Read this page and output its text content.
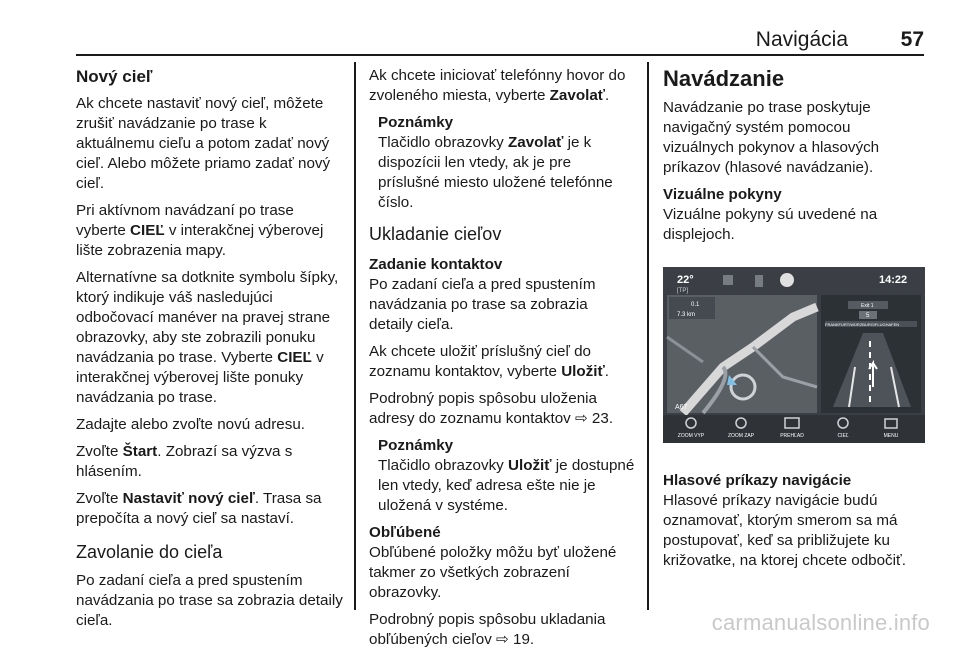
Navigácia	57
Nový cieľ

Ak chcete nastaviť nový cieľ, môžete zrušiť navádzanie po trase k aktuálnemu cieľu a potom zadať nový cieľ. Alebo môžete priamo zadať nový cieľ.

Pri aktívnom navádzaní po trase vyberte CIEĽ v interakčnej výberovej lište zobrazenia mapy.

Alternatívne sa dotknite symbolu šípky, ktorý indikuje váš nasledujúci odbočovací manéver na pravej strane obrazovky, aby ste zobrazili ponuku navádzania po trase. Vyberte CIEĽ v interakčnej výberovej lište ponuky navádzania po trase.

Zadajte alebo zvoľte novú adresu.

Zvoľte Štart. Zobrazí sa výzva s hlásením.

Zvoľte Nastaviť nový cieľ. Trasa sa prepočíta a nový cieľ sa nastaví.

Zavolanie do cieľa

Po zadaní cieľa a pred spustením navádzania po trase sa zobrazia detaily cieľa.

Ak chcete iniciovať telefónny hovor do zvoleného miesta, vyberte Zavolať.

Poznámky

Tlačidlo obrazovky Zavolať je k dispozícii len vtedy, ak je pre príslušné miesto uložené telefónne číslo.

Ukladanie cieľov
Zadanie kontaktov

Po zadaní cieľa a pred spustením navádzania po trase sa zobrazia detaily cieľa.

Ak chcete uložiť príslušný cieľ do zoznamu kontaktov, vyberte Uložiť.

Podrobný popis spôsobu uloženia adresy do zoznamu kontaktov ⇨ 23.

Poznámky

Tlačidlo obrazovky Uložiť je dostupné len vtedy, keď adresa ešte nie je uložená v systéme.

Obľúbené

Obľúbené položky môžu byť uložené takmer zo všetkých zobrazení obrazovky.

Podrobný popis spôsobu ukladania obľúbených cieľov ⇨ 19.

Navádzanie

Navádzanie po trase poskytuje navigačný systém pomocou vizuálnych pokynov a hlasových príkazov (hlasové navádzanie).

Vizuálne pokyny

Vizuálne pokyny sú uvedené na displejoch.

22°
[TP]
14:22
0.1
7.3 km
Exit 1
5
FRANKFURT/WÜRZBURG/FLUGHAFEN
A67
ZOOM VYP	ZOOM ZAP	PREHĽAD	CIEĽ	MENU
Hlasové príkazy navigácie

Hlasové príkazy navigácie budú oznamovať, ktorým smerom sa má postupovať, keď sa približujete ku križovatke, na ktorej chcete odbočiť.

carmanualsonline.info
